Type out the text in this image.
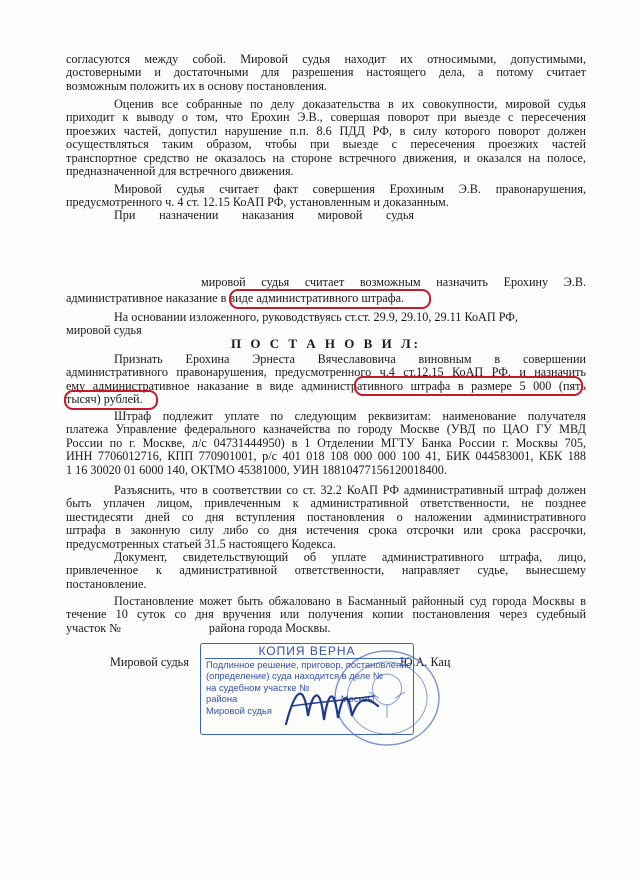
согласуются между собой. Мировой судья находит их относимыми, допустимыми,
достоверными и достаточными для разрешения настоящего дела, а потому считает
возможным положить их в основу постановления.
Оценив все собранные по делу доказательства в их совокупности, мировой судья
приходит к выводу о том, что Ерохин Э.В., совершая поворот при выезде с пересечения
проезжих частей, допустил нарушение п.п. 8.6 ПДД РФ, в силу которого поворот должен
осуществляться таким образом, чтобы при выезде с пересечения проезжих частей
транспортное средство не оказалось на стороне встречного движения, и оказался на полосе,
предназначенной для встречного движения.
Мировой судья считает факт совершения Ерохиным Э.В. правонарушения,
предусмотренного ч. 4 ст. 12.15 КоАП РФ, установленным и доказанным.
При назначении наказания мировой судья
мировой судья считает возможным назначить Ерохину Э.В.
административное наказание в виде административного штрафа.
На основании изложенного, руководствуясь ст.ст. 29.9, 29.10, 29.11 КоАП РФ,
мировой судья
П О С Т А Н О В И Л:
Признать Ерохина Эрнеста Вячеславовича виновным в совершении
административного правонарушения, предусмотренного ч.4 ст.12.15 КоАП РФ, и назначить
ему административное наказание в виде административного штрафа в размере 5 000 (пять
тысяч) рублей.
Штраф подлежит уплате по следующим реквизитам: наименование получателя
платежа Управление федерального казначейства по городу Москве (УВД по ЦАО ГУ МВД
России по г. Москве, л/с 04731444950) в 1 Отделении МГТУ Банка России г. Москвы 705,
ИНН 7706012716, КПП 770901001, р/с 401 018 108 000 000 100 41, БИК 044583001, КБК 188
1 16 30020 01 6000 140, ОКТМО 45381000, УИН 18810477156120018400.
Разъяснить, что в соответствии со ст. 32.2 КоАП РФ административный штраф должен
быть уплачен лицом, привлеченным к административной ответственности, не позднее
шестидесяти дней со дня вступления постановления о наложении административного
штрафа в законную силу либо со дня истечения срока отсрочки или срока рассрочки,
предусмотренных статьей 31.5 настоящего Кодекса.
Документ, свидетельствующий об уплате административного штрафа, лицо,
привлеченное к административной ответственности, направляет судье, вынесшему
постановление.
Постановление может быть обжаловано в Басманный районный суд города Москвы в
течение 10 суток со дня вручения или получения копии постановления через судебный
участок №	района города Москвы.
Мировой судья	Ю.А. Кац
КОПИЯ ВЕРНА
Подлинное решение, приговор, постановление
(определение) суда находится в деле №
на судебном участке №
района	г. Москвы
Мировой судья
